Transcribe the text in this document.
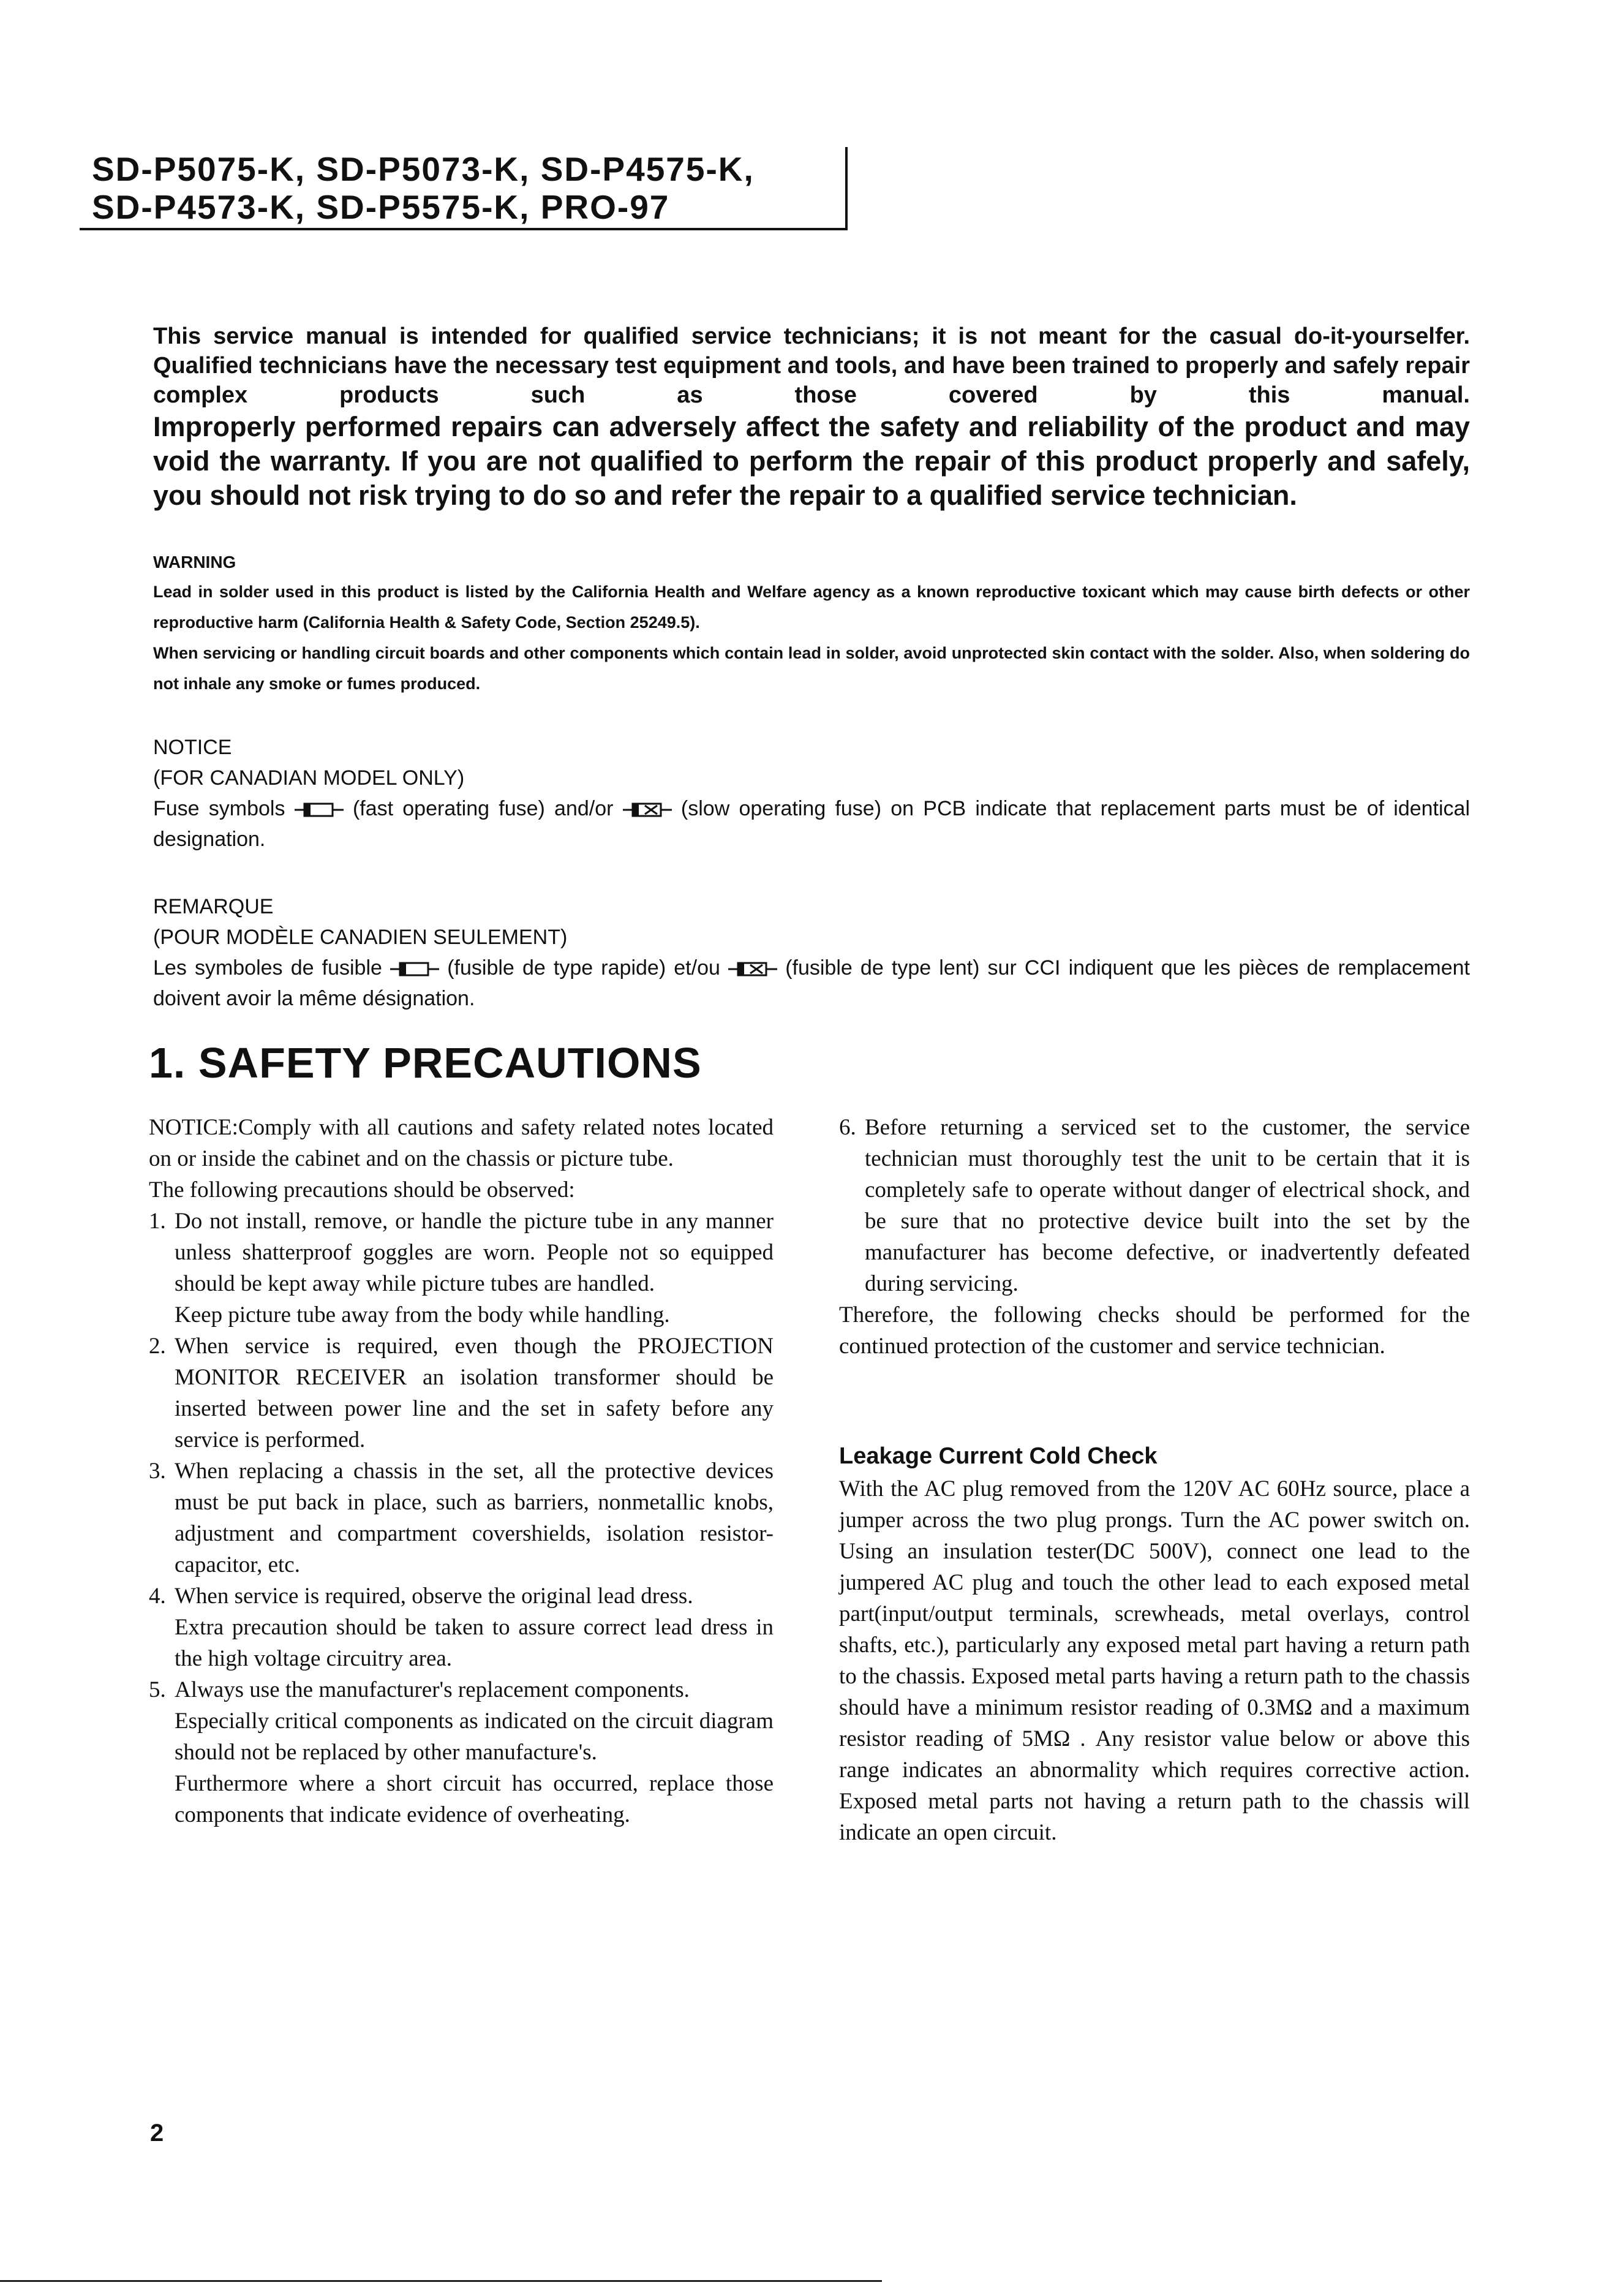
SD-P5075-K, SD-P5073-K, SD-P4575-K,
SD-P4573-K, SD-P5575-K, PRO-97

This service manual is intended for qualified service technicians; it is not meant for the casual do-it-yourselfer. Qualified technicians have the necessary test equipment and tools, and have been trained to properly and safely repair complex products such as those covered by this manual.

Improperly performed repairs can adversely affect the safety and reliability of the product and may void the warranty. If you are not qualified to perform the repair of this product properly and safely, you should not risk trying to do so and refer the repair to a qualified service technician.

WARNING

Lead in solder used in this product is listed by the California Health and Welfare agency as a known reproductive toxicant which may cause birth defects or other reproductive harm (California Health & Safety Code, Section 25249.5).

When servicing or handling circuit boards and other components which contain lead in solder, avoid unprotected skin contact with the solder. Also, when soldering do not inhale any smoke or fumes produced.

NOTICE

(FOR CANADIAN MODEL ONLY)

Fuse symbols	(fast operating fuse) and/or	(slow operating fuse) on PCB indicate that replacement parts must be of identical designation.

REMARQUE

(POUR MODÈLE CANADIEN SEULEMENT)

Les symboles de fusible	(fusible de type rapide) et/ou	(fusible de type lent) sur CCI indiquent que les pièces de remplacement doivent avoir la même désignation.

1. SAFETY PRECAUTIONS

NOTICE:Comply with all cautions and safety related notes located on or inside the cabinet and on the chassis or picture tube.

The following precautions should be observed:

1. Do not install, remove, or handle the picture tube in any manner unless shatterproof goggles are worn. People not so equipped should be kept away while picture tubes are handled.

Keep picture tube away from the body while handling.

2. When service is required, even though the PROJECTION MONITOR RECEIVER an isolation transformer should be inserted between power line and the set in safety before any service is performed.

3. When replacing a chassis in the set, all the protective devices must be put back in place, such as barriers, nonmetallic knobs, adjustment and compartment covershields, isolation resistor-capacitor, etc.

4. When service is required, observe the original lead dress.

Extra precaution should be taken to assure correct lead dress in the high voltage circuitry area.

5. Always use the manufacturer's replacement components.

Especially critical components as indicated on the circuit diagram should not be replaced by other manufacture's.

Furthermore where a short circuit has occurred, replace those components that indicate evidence of overheating.

6. Before returning a serviced set to the customer, the service technician must thoroughly test the unit to be certain that it is completely safe to operate without danger of electrical shock, and be sure that no protective device built into the set by the manufacturer has become defective, or inadvertently defeated during servicing.

Therefore, the following checks should be performed for the continued protection of the customer and service technician.

Leakage Current Cold Check

With the AC plug removed from the 120V AC 60Hz source, place a jumper across the two plug prongs. Turn the AC power switch on. Using an insulation tester(DC 500V), connect one lead to the jumpered AC plug and touch the other lead to each exposed metal part(input/output terminals, screwheads, metal overlays, control shafts, etc.), particularly any exposed metal part having a return path to the chassis. Exposed metal parts having a return path to the chassis should have a minimum resistor reading of 0.3MΩ and a maximum resistor reading of 5MΩ . Any resistor value below or above this range indicates an abnormality which requires corrective action. Exposed metal parts not having a return path to the chassis will indicate an open circuit.

2
